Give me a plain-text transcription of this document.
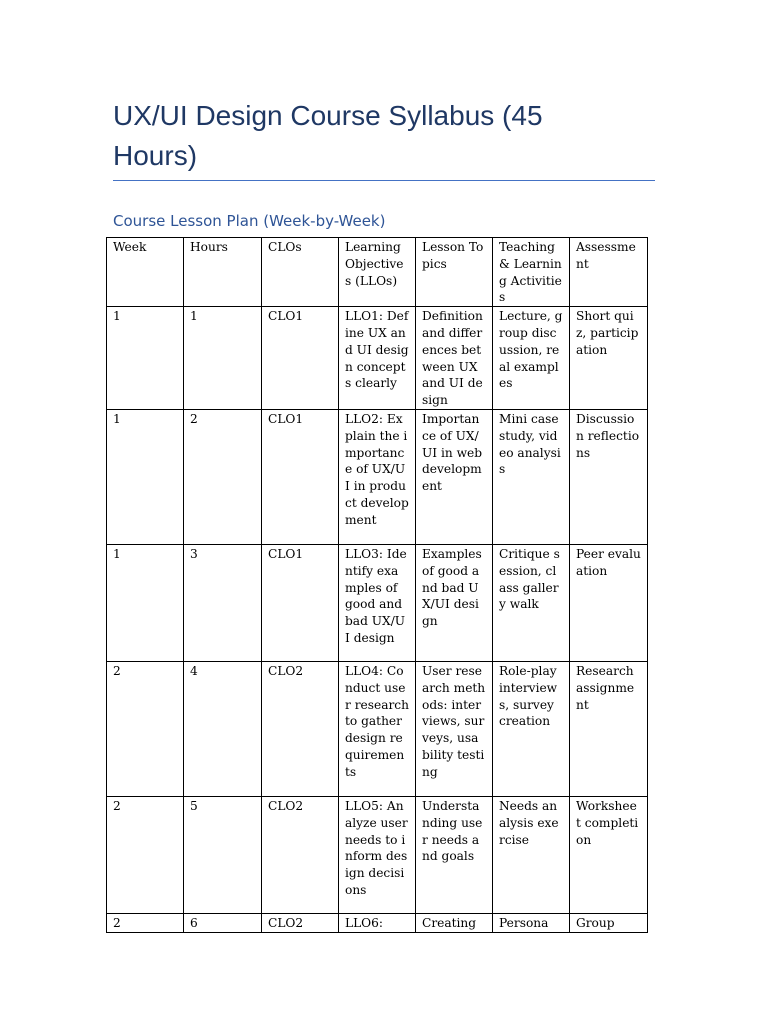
UX/UI Design Course Syllabus (45 Hours)
Course Lesson Plan (Week-by-Week)
Week	Hours	CLOs	Learning Objectives (LLOs)	Lesson Topics	Teaching & Learning Activities	Assessment
1	1	CLO1	LLO1: Define UX and UI design concepts clearly	Definition and differences between UX and UI design	Lecture, group discussion, real examples	Short quiz, participation
1	2	CLO1	LLO2: Explain the importance of UX/UI in product development	Importance of UX/UI in web development	Mini case study, video analysis	Discussion reflections
1	3	CLO1	LLO3: Identify examples of good and bad UX/UI design	Examples of good and bad UX/UI design	Critique session, class gallery walk	Peer evaluation
2	4	CLO2	LLO4: Conduct user research to gather design requirements	User research methods: interviews, surveys, usability testing	Role-play interviews, survey creation	Research assignment
2	5	CLO2	LLO5: Analyze user needs to inform design decisions	Understanding user needs and goals	Needs analysis exercise	Worksheet completion
2	6	CLO2	LLO6:	Creating	Persona	Group
